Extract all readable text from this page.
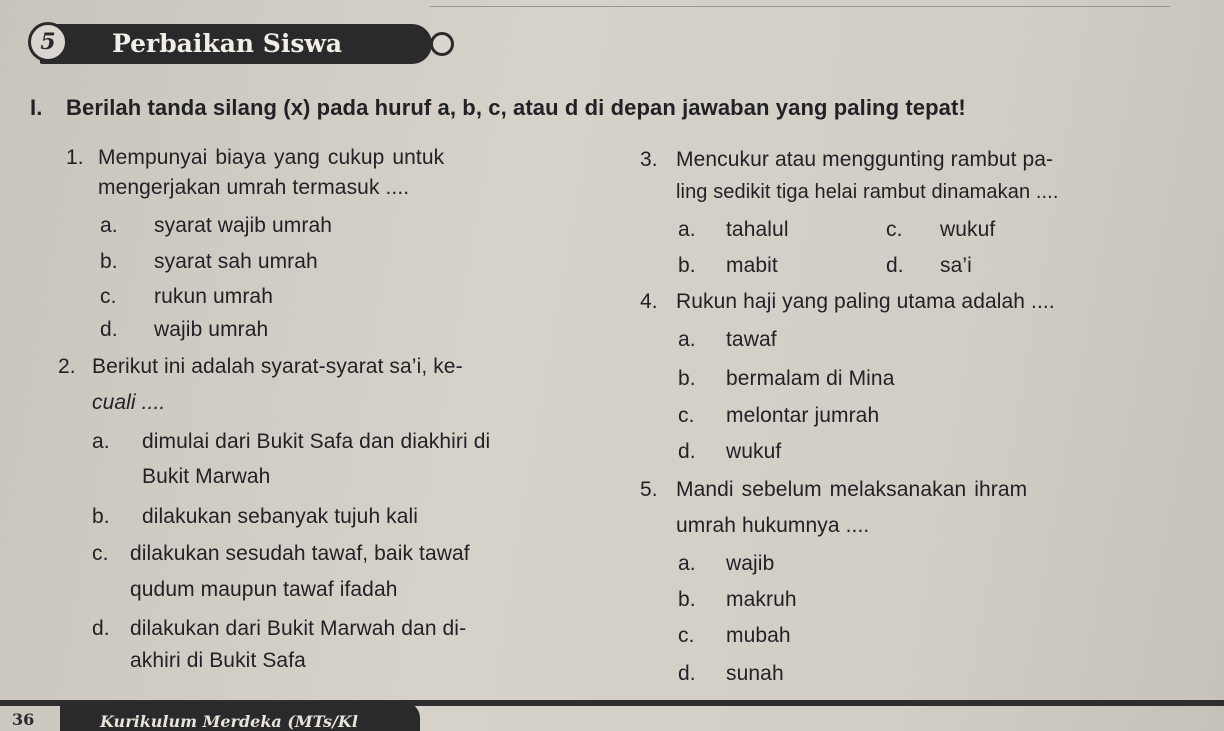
5	Perbaikan Siswa
I. Berilah tanda silang (x) pada huruf a, b, c, atau d di depan jawaban yang paling tepat!
1. Mempunyai biaya yang cukup untuk
mengerjakan umrah termasuk ....
a. syarat wajib umrah
b. syarat sah umrah
c. rukun umrah
d. wajib umrah
2. Berikut ini adalah syarat-syarat sa’i, ke-
cuali ....
a. dimulai dari Bukit Safa dan diakhiri di
Bukit Marwah
b. dilakukan sebanyak tujuh kali
c. dilakukan sesudah tawaf, baik tawaf
qudum maupun tawaf ifadah
d. dilakukan dari Bukit Marwah dan di-
akhiri di Bukit Safa
3. Mencukur atau menggunting rambut pa-
ling sedikit tiga helai rambut dinamakan ....
a. tahalul
b. mabit
c. wukuf
d. sa’i
4. Rukun haji yang paling utama adalah ....
a. tawaf
b. bermalam di Mina
c. melontar jumrah
d. wukuf
5. Mandi sebelum melaksanakan ihram
umrah hukumnya ....
a. wajib
b. makruh
c. mubah
d. sunah
36	Kurikulum Merdeka (MTs/Kl
